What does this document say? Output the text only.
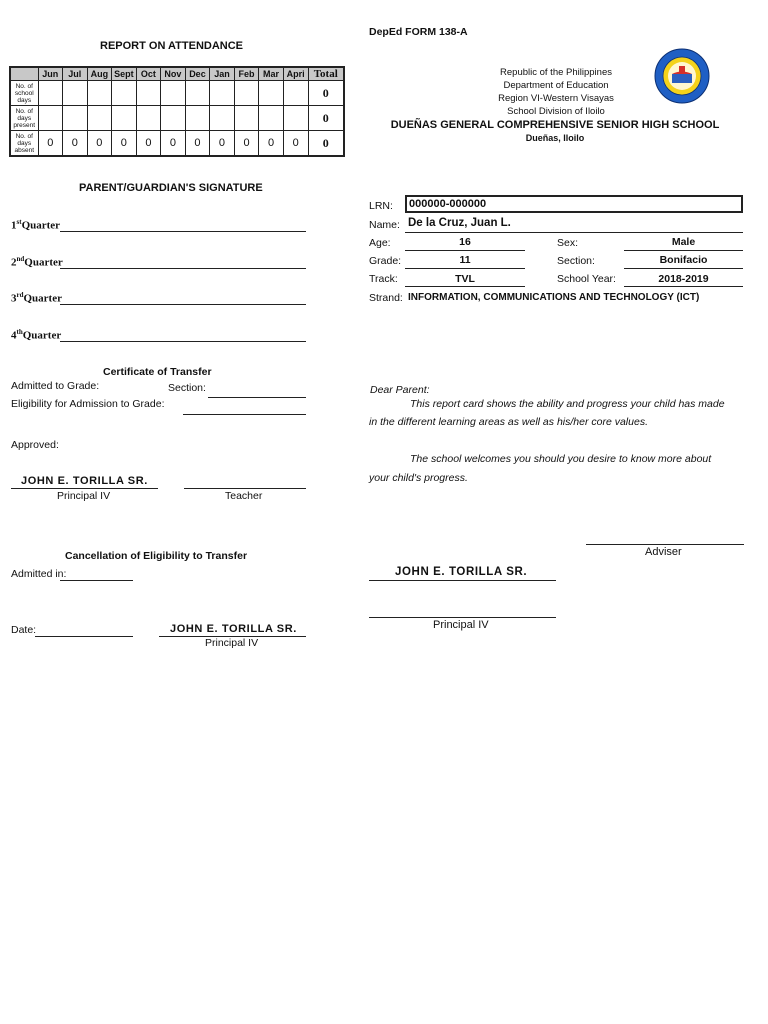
REPORT ON ATTENDANCE
	Jun	Jul	Aug	Sept	Oct	Nov	Dec	Jan	Feb	Mar	Apri	Total
No. of school days												0
No. of days present												0
No. of days absent	0	0	0	0	0	0	0	0	0	0	0	0
PARENT/GUARDIAN'S SIGNATURE
1stQuarter
2ndQuarter
3rdQuarter
4thQuarter
Certificate of Transfer
Admitted to Grade:	Section:
Eligibility for Admission to Grade:
Approved:
JOHN E. TORILLA SR.
Principal IV	Teacher
Cancellation of Eligibility to Transfer
Admitted in:
Date:	JOHN E. TORILLA SR.
Principal IV
DepEd FORM 138-A
Republic of the Philippines
Department of Education
Region VI-Western Visayas
School Division of Iloilo
DUEÑAS GENERAL COMPREHENSIVE SENIOR HIGH SCHOOL
Dueñas, Iloilo
LRN: 000000-000000
Name: De la Cruz, Juan L.
Age:	16	Sex:	Male
Grade:	11	Section:	Bonifacio
Track:	TVL	School Year:	2018-2019
Strand: INFORMATION, COMMUNICATIONS AND TECHNOLOGY (ICT)
Dear Parent:
This report card shows the ability and progress your child has made
in the different learning areas as well as his/her core values.
The school welcomes you should you desire to know more about
your child's progress.
Adviser
JOHN E. TORILLA SR.
Principal IV
